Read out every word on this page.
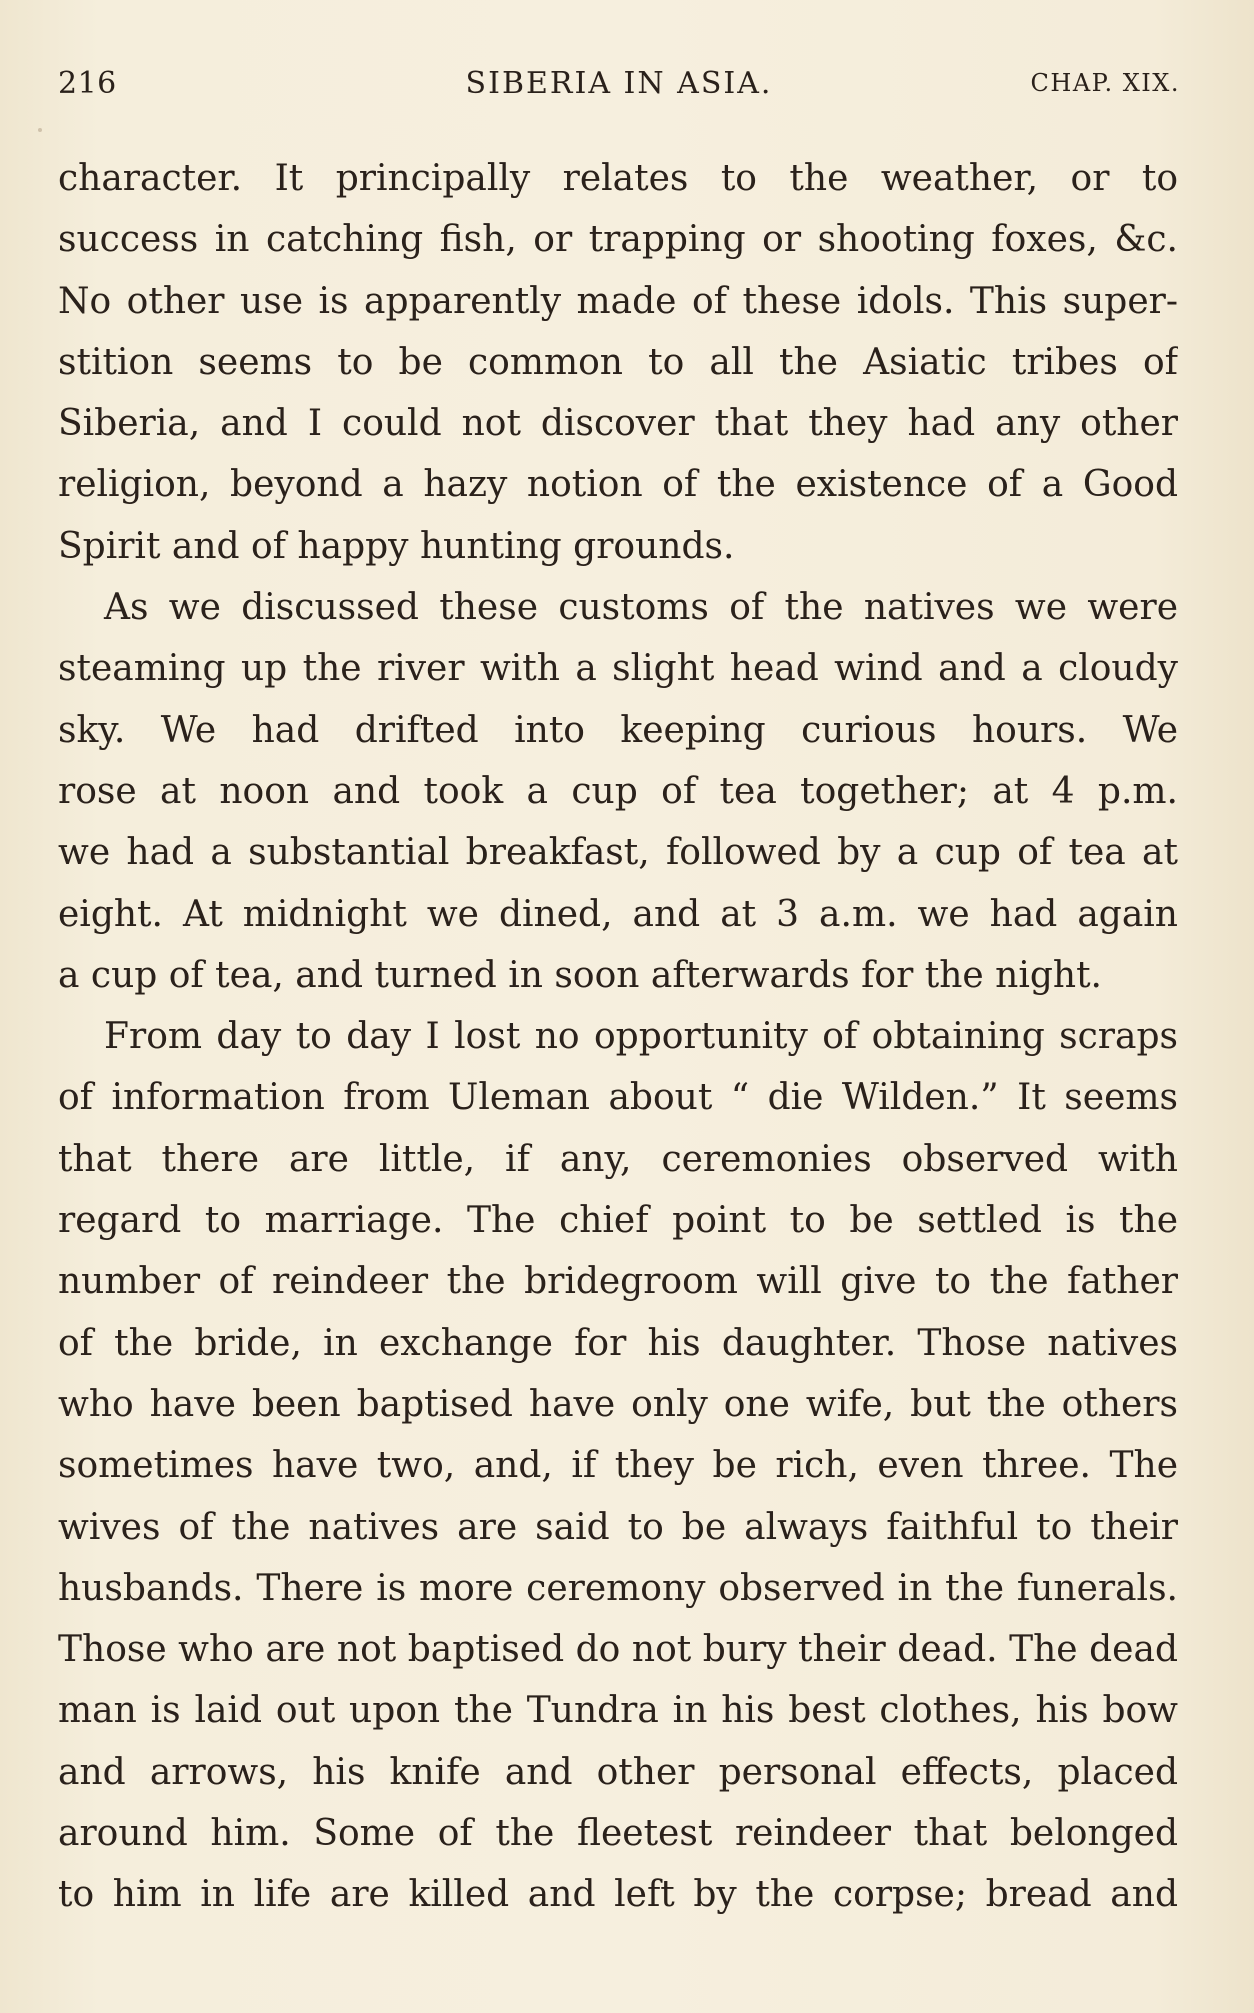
216	SIBERIA IN ASIA.	CHAP. XIX.
character. It principally relates to the weather, or to
success in catching fish, or trapping or shooting foxes, &c.
No other use is apparently made of these idols. This super-
stition seems to be common to all the Asiatic tribes of
Siberia, and I could not discover that they had any other
religion, beyond a hazy notion of the existence of a Good
Spirit and of happy hunting grounds.
As we discussed these customs of the natives we were
steaming up the river with a slight head wind and a cloudy
sky. We had drifted into keeping curious hours. We
rose at noon and took a cup of tea together; at 4 p.m.
we had a substantial breakfast, followed by a cup of tea at
eight. At midnight we dined, and at 3 a.m. we had again
a cup of tea, and turned in soon afterwards for the night.
From day to day I lost no opportunity of obtaining scraps
of information from Uleman about “ die Wilden.” It seems
that there are little, if any, ceremonies observed with
regard to marriage. The chief point to be settled is the
number of reindeer the bridegroom will give to the father
of the bride, in exchange for his daughter. Those natives
who have been baptised have only one wife, but the others
sometimes have two, and, if they be rich, even three. The
wives of the natives are said to be always faithful to their
husbands. There is more ceremony observed in the funerals.
Those who are not baptised do not bury their dead. The dead
man is laid out upon the Tundra in his best clothes, his bow
and arrows, his knife and other personal effects, placed
around him. Some of the fleetest reindeer that belonged
to him in life are killed and left by the corpse; bread and
